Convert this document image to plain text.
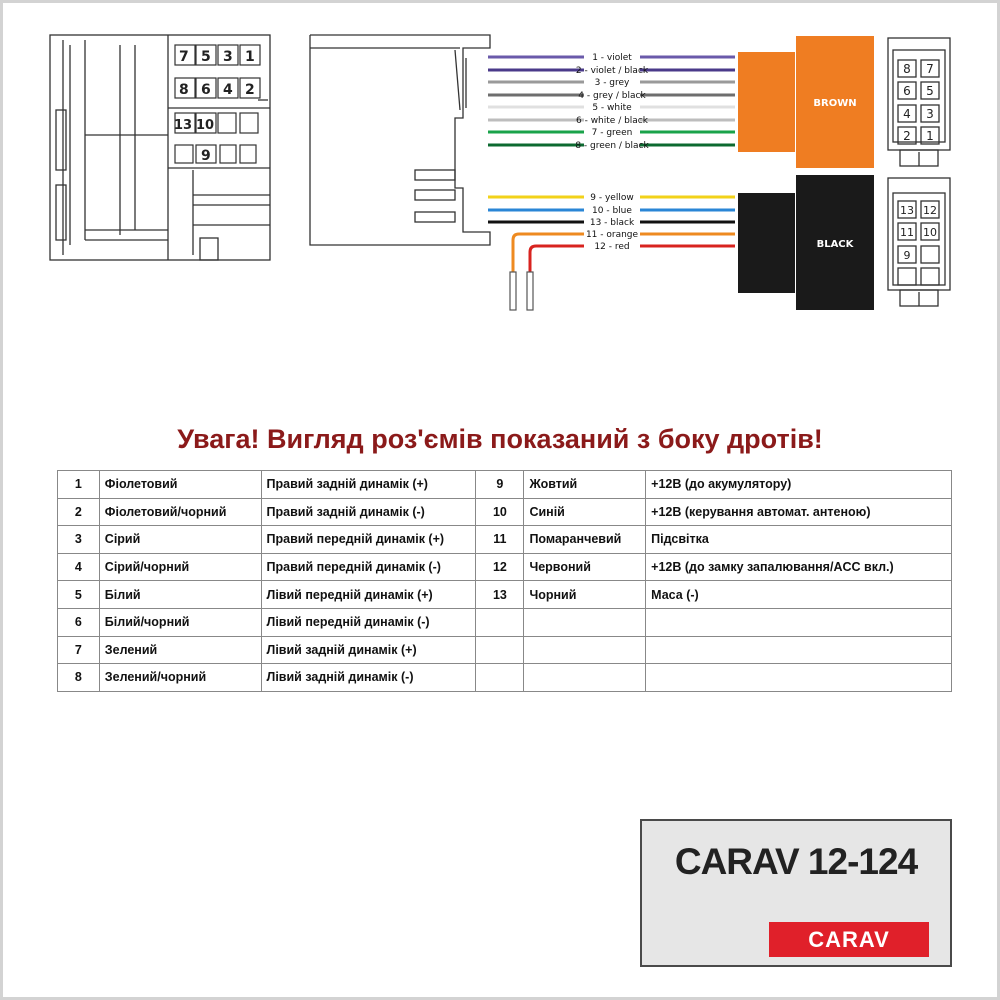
7 5 3 1
8 6 4 2
13 10
9
1 - violet
2 - violet / black
3 - grey
4 - grey / black
5 - white
6 - white / black
7 - green
8 - green / black
9 - yellow
10 - blue
13 - black
11 - orange
12 - red
BROWN
BLACK
8 7
6 5
4 3
2 1
13 12
11 10
9
Увага! Вигляд роз'ємів показаний з боку дротів!
1	Фіолетовий	Правий задній динамік (+)	9	Жовтий	+12В (до акумулятору)
2	Фіолетовий/чорний	Правий задній динамік (-)	10	Синій	+12В (керування автомат. антеною)
3	Сірий	Правий передній динамік (+)	11	Помаранчевий	Підсвітка
4	Сірий/чорний	Правий передній динамік (-)	12	Червоний	+12В (до замку запалювання/ACC вкл.)
5	Білий	Лівий передній динамік (+)	13	Чорний	Маса (-)
6	Білий/чорний	Лівий передній динамік (-)			
7	Зелений	Лівий задній динамік (+)			
8	Зелений/чорний	Лівий задній динамік (-)			
CARAV 12-124
CARAV
